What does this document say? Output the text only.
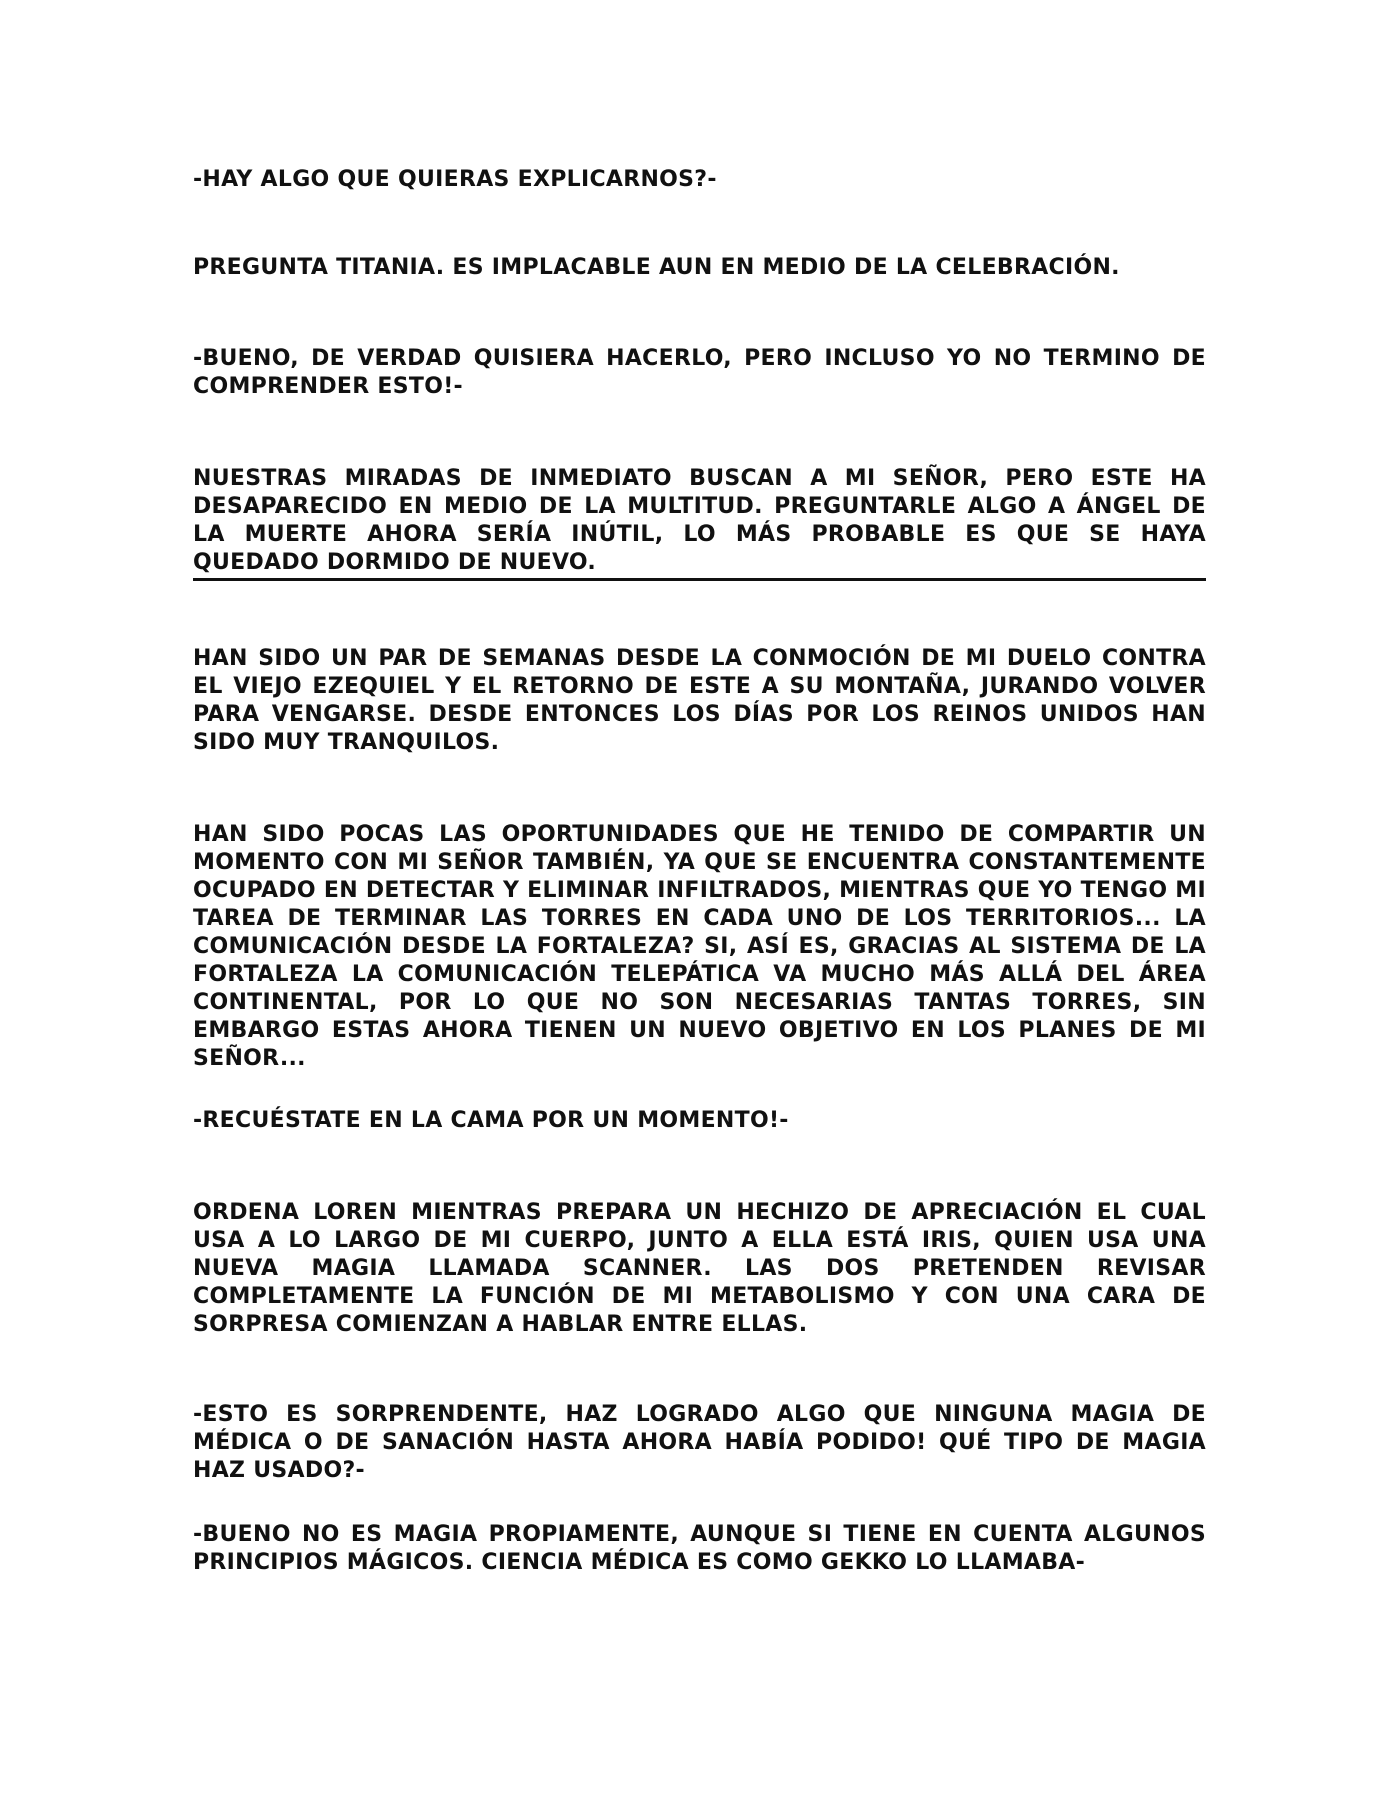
-HAY ALGO QUE QUIERAS EXPLICARNOS?-

PREGUNTA TITANIA. ES IMPLACABLE AUN EN MEDIO DE LA CELEBRACIÓN.

-BUENO, DE VERDAD QUISIERA HACERLO, PERO INCLUSO YO NO TERMINO DE COMPRENDER ESTO!-

NUESTRAS MIRADAS DE INMEDIATO BUSCAN A MI SEÑOR, PERO ESTE HA DESAPARECIDO EN MEDIO DE LA MULTITUD. PREGUNTARLE ALGO A ÁNGEL DE LA MUERTE AHORA SERÍA INÚTIL, LO MÁS PROBABLE ES QUE SE HAYA QUEDADO DORMIDO DE NUEVO.

HAN SIDO UN PAR DE SEMANAS DESDE LA CONMOCIÓN DE MI DUELO CONTRA EL VIEJO EZEQUIEL Y EL RETORNO DE ESTE A SU MONTAÑA, JURANDO VOLVER PARA VENGARSE. DESDE ENTONCES LOS DÍAS POR LOS REINOS UNIDOS HAN SIDO MUY TRANQUILOS.

HAN SIDO POCAS LAS OPORTUNIDADES QUE HE TENIDO DE COMPARTIR UN MOMENTO CON MI SEÑOR TAMBIÉN, YA QUE SE ENCUENTRA CONSTANTEMENTE OCUPADO EN DETECTAR Y ELIMINAR INFILTRADOS, MIENTRAS QUE YO TENGO MI TAREA DE TERMINAR LAS TORRES EN CADA UNO DE LOS TERRITORIOS... LA COMUNICACIÓN DESDE LA FORTALEZA? SI, ASÍ ES, GRACIAS AL SISTEMA DE LA FORTALEZA LA COMUNICACIÓN TELEPÁTICA VA MUCHO MÁS ALLÁ DEL ÁREA CONTINENTAL, POR LO QUE NO SON NECESARIAS TANTAS TORRES, SIN EMBARGO ESTAS AHORA TIENEN UN NUEVO OBJETIVO EN LOS PLANES DE MI SEÑOR...

-RECUÉSTATE EN LA CAMA POR UN MOMENTO!-

ORDENA LOREN MIENTRAS PREPARA UN HECHIZO DE APRECIACIÓN EL CUAL USA A LO LARGO DE MI CUERPO, JUNTO A ELLA ESTÁ IRIS, QUIEN USA UNA NUEVA MAGIA LLAMADA SCANNER. LAS DOS PRETENDEN REVISAR COMPLETAMENTE LA FUNCIÓN DE MI METABOLISMO Y CON UNA CARA DE SORPRESA COMIENZAN A HABLAR ENTRE ELLAS.

-ESTO ES SORPRENDENTE, HAZ LOGRADO ALGO QUE NINGUNA MAGIA DE MÉDICA O DE SANACIÓN HASTA AHORA HABÍA PODIDO! QUÉ TIPO DE MAGIA HAZ USADO?-

-BUENO NO ES MAGIA PROPIAMENTE, AUNQUE SI TIENE EN CUENTA ALGUNOS PRINCIPIOS MÁGICOS. CIENCIA MÉDICA ES COMO GEKKO LO LLAMABA-
